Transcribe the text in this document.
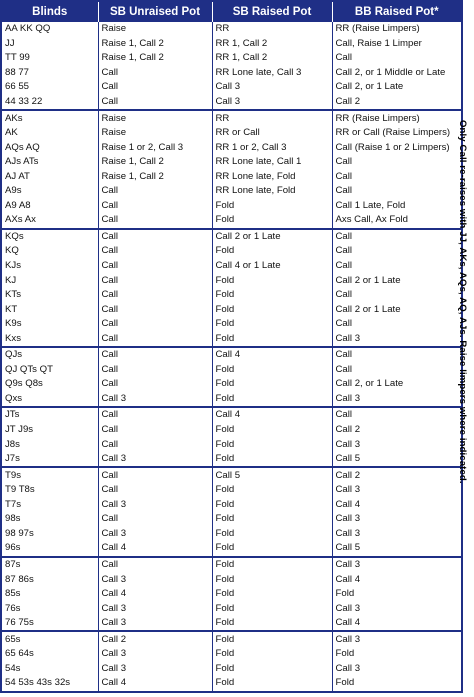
Blinds	SB Unraised Pot	SB Raised Pot	BB Raised Pot*
AA KK QQ	Raise	RR	RR (Raise Limpers)
JJ	Raise 1, Call 2	RR 1, Call 2	Call, Raise 1 Limper
TT 99	Raise 1, Call 2	RR 1, Call 2	Call
88 77	Call	RR Lone late, Call 3	Call 2, or 1 Middle or Late
66 55	Call	Call 3	Call 2, or 1 Late
44 33 22	Call	Call 3	Call 2
AKs	Raise	RR	RR (Raise Limpers)
AK	Raise	RR or Call	RR or Call (Raise Limpers)
AQs AQ	Raise 1 or 2, Call 3	RR 1 or 2, Call 3	Call (Raise 1 or 2 Limpers)
AJs ATs	Raise 1, Call 2	RR Lone late, Call 1	Call
AJ AT	Raise 1, Call 2	RR Lone late, Fold	Call
A9s	Call	RR Lone late, Fold	Call
A9 A8	Call	Fold	Call 1 Late, Fold
AXs Ax	Call	Fold	Axs Call, Ax Fold
KQs	Call	Call 2 or 1 Late	Call
KQ	Call	Fold	Call
KJs	Call	Call 4 or 1 Late	Call
KJ	Call	Fold	Call 2 or 1 Late
KTs	Call	Fold	Call
KT	Call	Fold	Call 2 or 1 Late
K9s	Call	Fold	Call
Kxs	Call	Fold	Call 3
QJs	Call	Call 4	Call
QJ QTs QT	Call	Fold	Call
Q9s Q8s	Call	Fold	Call 2, or 1 Late
Qxs	Call 3	Fold	Call 3
JTs	Call	Call 4	Call
JT J9s	Call	Fold	Call 2
J8s	Call	Fold	Call 3
J7s	Call 3	Fold	Call 5
T9s	Call	Call 5	Call 2
T9 T8s	Call	Fold	Call 3
T7s	Call 3	Fold	Call 4
98s	Call	Fold	Call 3
98 97s	Call 3	Fold	Call 3
96s	Call 4	Fold	Call 5
87s	Call	Fold	Call 3
87 86s	Call 3	Fold	Call 4
85s	Call 4	Fold	Fold
76s	Call 3	Fold	Call 3
76 75s	Call 3	Fold	Call 4
65s	Call 2	Fold	Call 3
65 64s	Call 3	Fold	Fold
54s	Call 3	Fold	Call 3
54 53s 43s 32s	Call 4	Fold	Fold
Only Call re-raises with JJ, AKs, AQs, AQ, AJs. Raise limpers where indicated.
